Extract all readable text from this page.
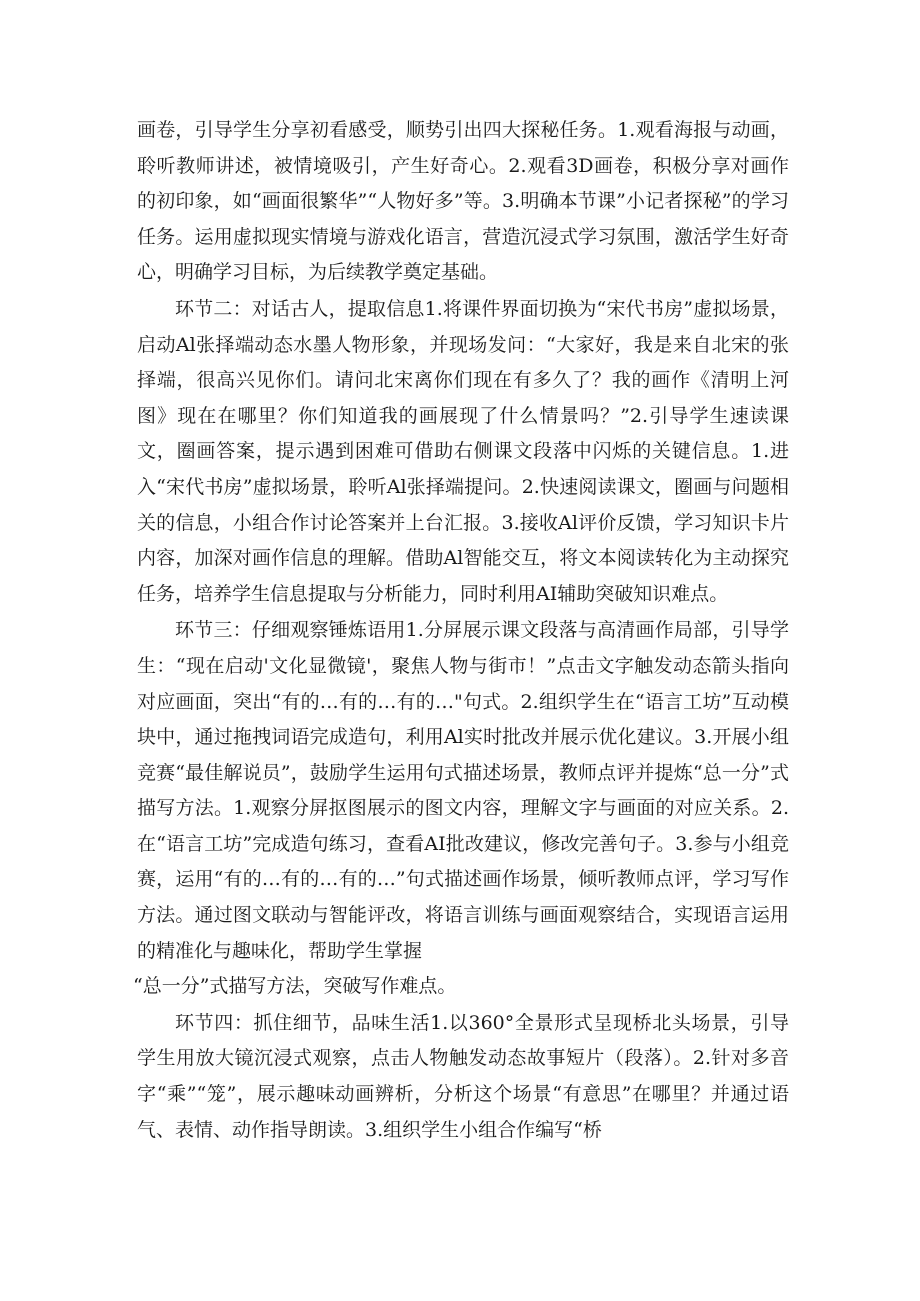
画卷，引导学生分享初看感受，顺势引出四大探秘任务。1.观看海报与动画，聆听教师讲述，被情境吸引，产生好奇心。2.观看3D画卷，积极分享对画作的初印象，如“画面很繁华”“人物好多”等。3.明确本节课”小记者探秘”的学习任务。运用虚拟现实情境与游戏化语言，营造沉浸式学习氛围，激活学生好奇心，明确学习目标，为后续教学奠定基础。

环节二：对话古人，提取信息1.将课件界面切换为“宋代书房”虚拟场景，启动Al张择端动态水墨人物形象，并现场发问：“大家好，我是来自北宋的张择端，很高兴见你们。请问北宋离你们现在有多久了？我的画作《清明上河图》现在在哪里？你们知道我的画展现了什么情景吗？”2.引导学生速读课文，圈画答案，提示遇到困难可借助右侧课文段落中闪烁的关键信息。1.进入“宋代书房”虚拟场景，聆听Al张择端提问。2.快速阅读课文，圈画与问题相关的信息，小组合作讨论答案并上台汇报。3.接收Al评价反馈，学习知识卡片内容，加深对画作信息的理解。借助Al智能交互，将文本阅读转化为主动探究任务，培养学生信息提取与分析能力，同时利用AI辅助突破知识难点。

环节三：仔细观察锤炼语用1.分屏展示课文段落与高清画作局部，引导学生：“现在启动'文化显微镜'，聚焦人物与街市！”点击文字触发动态箭头指向对应画面，突出“有的…有的…有的…"句式。2.组织学生在“语言工坊”互动模块中，通过拖拽词语完成造句，利用Al实时批改并展示优化建议。3.开展小组竞赛“最佳解说员”，鼓励学生运用句式描述场景，教师点评并提炼“总一分”式描写方法。1.观察分屏抠图展示的图文内容，理解文字与画面的对应关系。2.在“语言工坊”完成造句练习，查看AI批改建议，修改完善句子。3.参与小组竞赛，运用“有的…有的…有的…”句式描述画作场景，倾听教师点评，学习写作方法。通过图文联动与智能评改，将语言训练与画面观察结合，实现语言运用的精准化与趣味化，帮助学生掌握

“总一分”式描写方法，突破写作难点。

环节四：抓住细节，品味生活1.以360°全景形式呈现桥北头场景，引导学生用放大镜沉浸式观察，点击人物触发动态故事短片（段落）。2.针对多音字“乘”“笼”，展示趣味动画辨析，分析这个场景“有意思”在哪里？并通过语气、表情、动作指导朗读。3.组织学生小组合作编写“桥
